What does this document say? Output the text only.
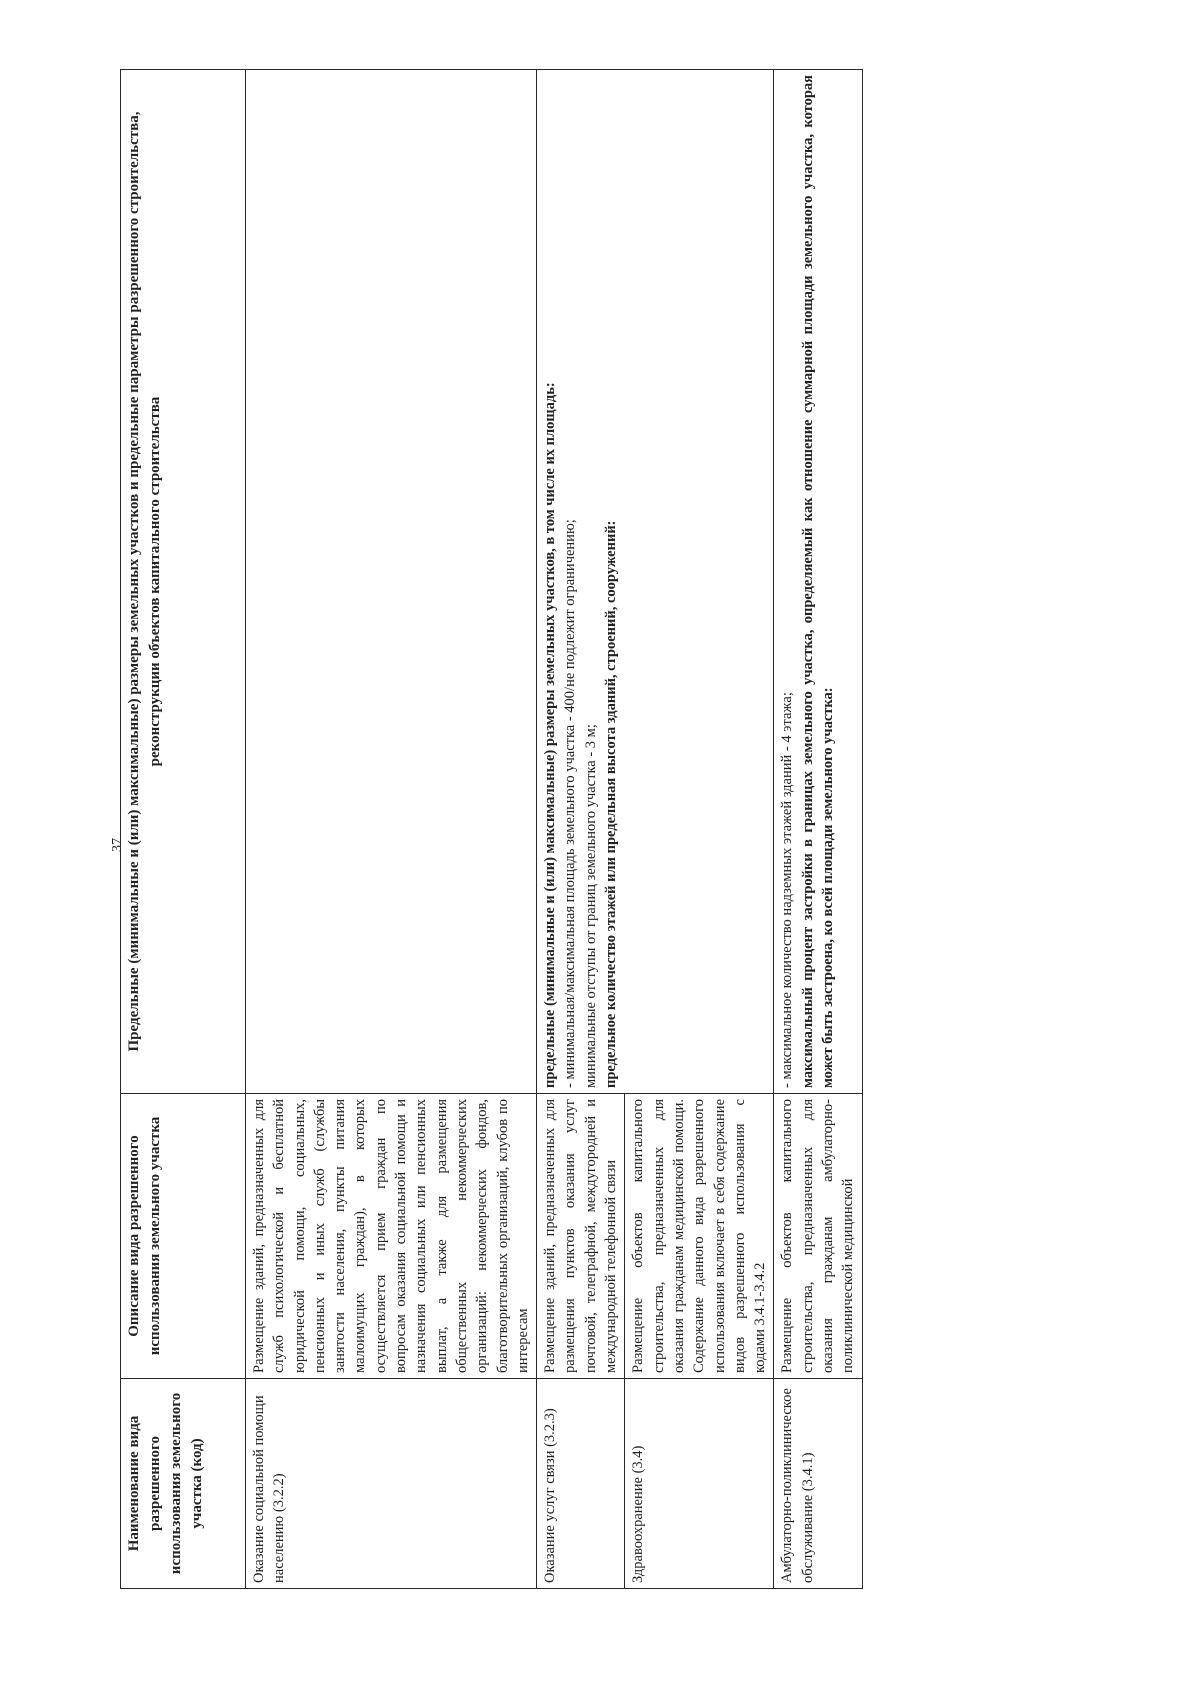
37
Наименование вида разрешенного использования земельного участка (код)	Описание вида разрешенного использования земельного участка	Предельные (минимальные и (или) максимальные) размеры земельных участков и предельные параметры разрешенного строительства, реконструкции объектов капитального строительства
Оказание социальной помощи населению (3.2.2)	Размещение зданий, предназначенных для служб психологической и бесплатной юридической помощи, социальных, пенсионных и иных служб (службы занятости населения, пункты питания малоимущих граждан), в которых осуществляется прием граждан по вопросам оказания социальной помощи и назначения социальных или пенсионных выплат, а также для размещения общественных некоммерческих организаций: некоммерческих фондов, благотворительных организаций, клубов по интересам	
Оказание услуг связи (3.2.3)	Размещение зданий, предназначенных для размещения пунктов оказания услуг почтовой, телеграфной, междугородней и международной телефонной связи	предельные (минимальные и (или) максимальные) размеры земельных участков, в том числе их площадь: - минимальная/максимальная площадь земельного участка - 400/не подлежит ограничению; минимальные отступы от границ земельного участка - 3 м; предельное количество этажей или предельная высота зданий, строений, сооружений:

Здравоохранение (3.4)	Размещение объектов капитального строительства, предназначенных для оказания гражданам медицинской помощи. Содержание данного вида разрешенного использования включает в себя содержание видов разрешенного использования с кодами 3.4.1-3.4.2	
Амбулаторно-поликлиническое обслуживание (3.4.1)	Размещение объектов капитального строительства, предназначенных для оказания гражданам амбулаторно-поликлинической медицинской	- максимальное количество надземных этажей зданий - 4 этажа; максимальный процент застройки в границах земельного участка, определяемый как отношение суммарной площади земельного участка, которая может быть застроена, ко всей площади земельного участка:
